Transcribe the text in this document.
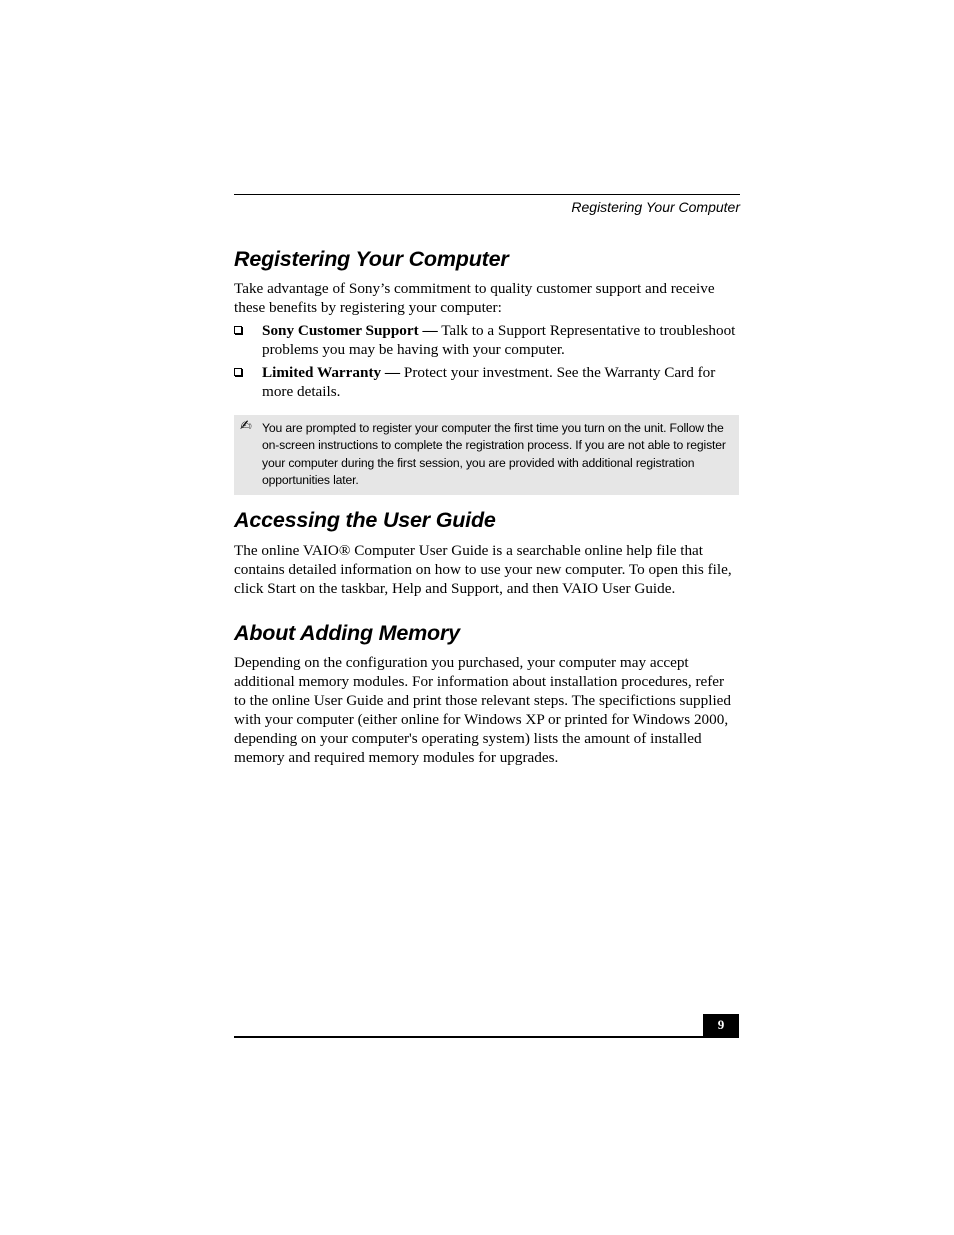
Registering Your Computer
Registering Your Computer

Take advantage of Sony’s commitment to quality customer support and receive these benefits by registering your computer:

Sony Customer Support — Talk to a Support Representative to troubleshoot problems you may be having with your computer.
Limited Warranty — Protect your investment. See the Warranty Card for more details.
✍ You are prompted to register your computer the first time you turn on the unit. Follow the on-screen instructions to complete the registration process. If you are not able to register your computer during the first session, you are provided with additional registration opportunities later.
Accessing the User Guide

The online VAIO® Computer User Guide is a searchable online help file that contains detailed information on how to use your new computer. To open this file, click Start on the taskbar, Help and Support, and then VAIO User Guide.

About Adding Memory

Depending on the configuration you purchased, your computer may accept additional memory modules. For information about installation procedures, refer to the online User Guide and print those relevant steps. The specifictions supplied with your computer (either online for Windows XP or printed for Windows 2000, depending on your computer's operating system) lists the amount of installed memory and required memory modules for upgrades.

9
